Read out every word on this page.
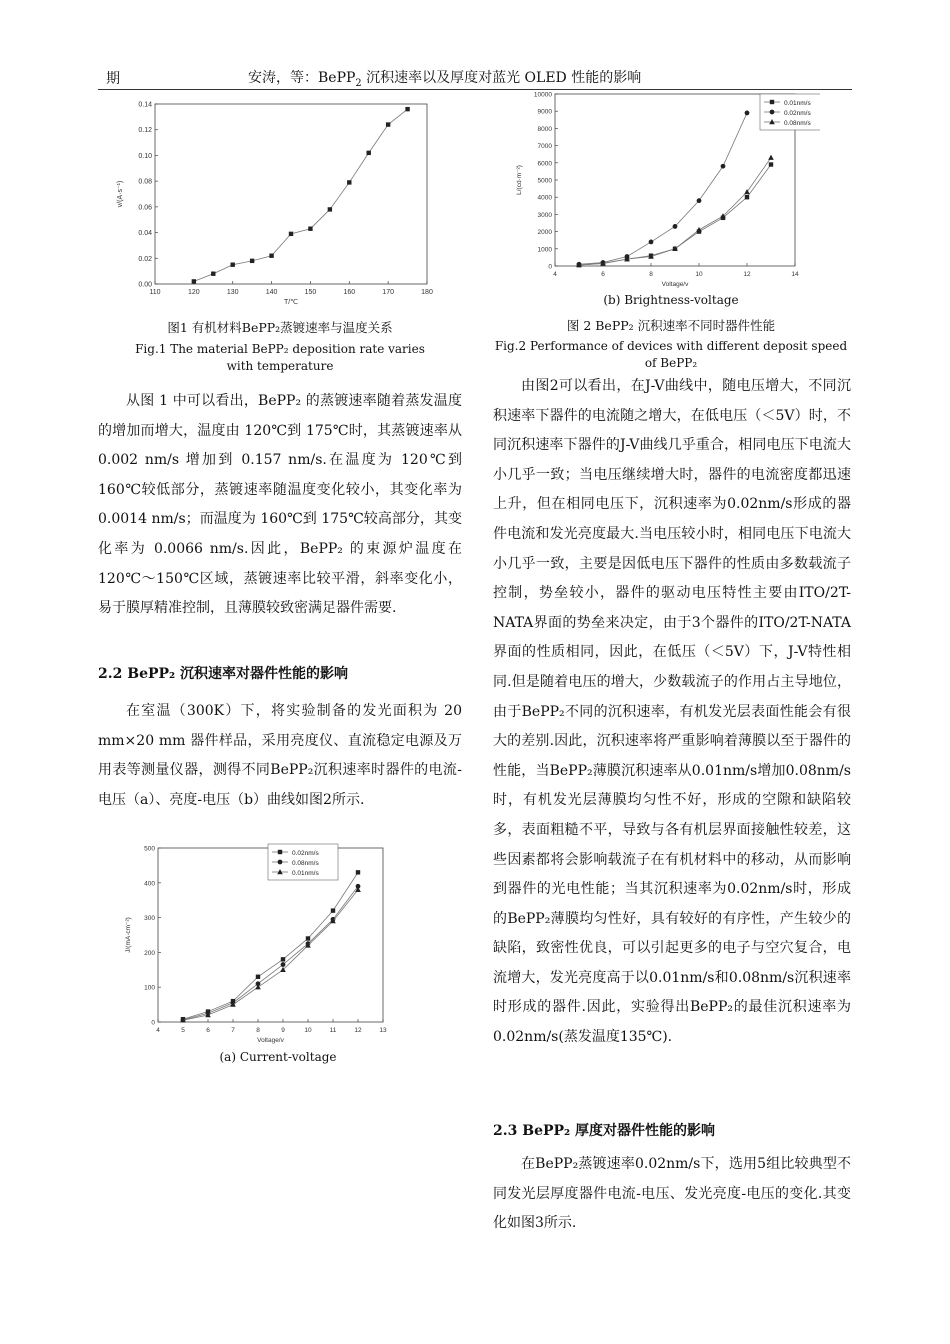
期	安涛，等：BePP$_2$ 沉积速率以及厚度对蓝光 OLED 性能的影响
110	120	130	140	150	160	170	180
0.00
0.02
0.04
0.06
0.08
0.10
0.12
0.14
T/℃
v/(A·s⁻¹)
图1 有机材料BePP₂蒸镀速率与温度关系
Fig.1 The material BePP₂ deposition rate varies with temperature
从图 1 中可以看出，BePP₂ 的蒸镀速率随着蒸发温度的增加而增大，温度由 120℃到 175℃时，其蒸镀速率从 0.002 nm/s 增加到 0.157 nm/s.在温度为 120℃到 160℃较低部分，蒸镀速率随温度变化较小，其变化率为 0.0014 nm/s；而温度为 160℃到 175℃较高部分，其变化率为 0.0066 nm/s.因此，BePP₂ 的束源炉温度在 120℃～150℃区域，蒸镀速率比较平滑，斜率变化小，易于膜厚精准控制，且薄膜较致密满足器件需要.
2.2 BePP₂ 沉积速率对器件性能的影响
在室温（300K）下，将实验制备的发光面积为 20 mm×20 mm 器件样品，采用亮度仪、直流稳定电源及万用表等测量仪器，测得不同BePP₂沉积速率时器件的电流-电压（a）、亮度-电压（b）曲线如图2所示.
4	5	6	7	8	9	10	11	12	13
0
100
200
300
400
500
Voltage/v
J/(mA·cm⁻²)
0.02nm/s
0.08nm/s
0.01nm/s
(a) Current-voltage
4	6	8	10	12	14
0
1000
2000
3000
4000
5000
6000
7000
8000
9000
10000
Voltage/v
L/(cd·m⁻²)
0.01nm/s
0.02nm/s
0.08nm/s
(b) Brightness-voltage
图 2 BePP₂ 沉积速率不同时器件性能
Fig.2 Performance of devices with different deposit speed of BePP₂
由图2可以看出，在J-V曲线中，随电压增大，不同沉积速率下器件的电流随之增大，在低电压（＜5V）时，不同沉积速率下器件的J-V曲线几乎重合，相同电压下电流大小几乎一致；当电压继续增大时，器件的电流密度都迅速上升，但在相同电压下，沉积速率为0.02nm/s形成的器件电流和发光亮度最大.当电压较小时，相同电压下电流大小几乎一致，主要是因低电压下器件的性质由多数载流子控制，势垒较小，器件的驱动电压特性主要由ITO/2T-NATA界面的势垒来决定，由于3个器件的ITO/2T-NATA界面的性质相同，因此，在低压（＜5V）下，J-V特性相同.但是随着电压的增大，少数载流子的作用占主导地位，由于BePP₂不同的沉积速率，有机发光层表面性能会有很大的差别.因此，沉积速率将严重影响着薄膜以至于器件的性能，当BePP₂薄膜沉积速率从0.01nm/s增加0.08nm/s时，有机发光层薄膜均匀性不好，形成的空隙和缺陷较多，表面粗糙不平，导致与各有机层界面接触性较差，这些因素都将会影响载流子在有机材料中的移动，从而影响到器件的光电性能；当其沉积速率为0.02nm/s时，形成的BePP₂薄膜均匀性好，具有较好的有序性，产生较少的缺陷，致密性优良，可以引起更多的电子与空穴复合，电流增大，发光亮度高于以0.01nm/s和0.08nm/s沉积速率时形成的器件.因此，实验得出BePP₂的最佳沉积速率为0.02nm/s(蒸发温度135℃).
2.3 BePP₂ 厚度对器件性能的影响
在BePP₂蒸镀速率0.02nm/s下，选用5组比较典型不同发光层厚度器件电流-电压、发光亮度-电压的变化.其变化如图3所示.
